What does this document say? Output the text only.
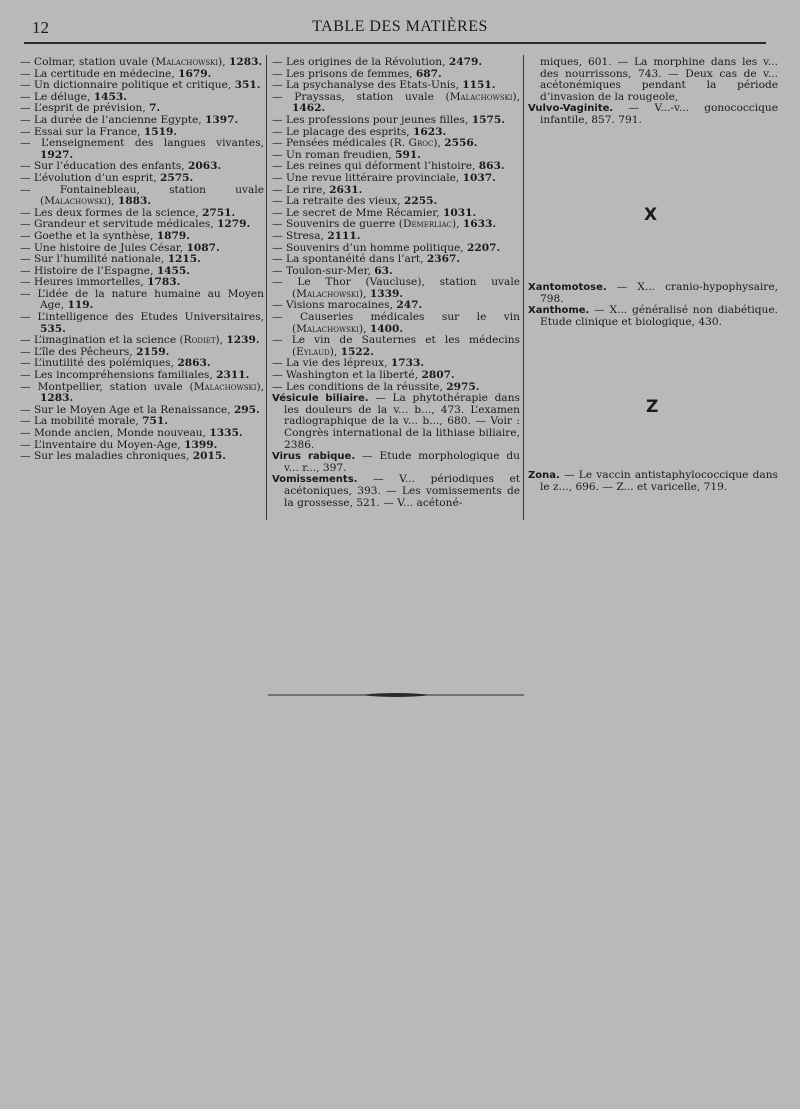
12	TABLE DES MATIÈRES

— Colmar, station uvale (Malachowski), 1283.

— La certitude en médecine, 1679.

— Un dictionnaire politique et critique, 351.

— Le déluge, 1453.

— L’esprit de prévision, 7.

— La durée de l’ancienne Egypte, 1397.

— Essai sur la France, 1519.

— L’enseignement des langues vivantes, 1927.

— Sur l’éducation des enfants, 2063.

— L’évolution d’un esprit, 2575.

— Fontainebleau, station uvale (Malachowski), 1883.

— Les deux formes de la science, 2751.

— Grandeur et servitude médicales, 1279.

— Goethe et la synthèse, 1879.

— Une histoire de Jules César, 1087.

— Sur l’humilité nationale, 1215.

— Histoire de l’Espagne, 1455.

— Heures immortelles, 1783.

— L’idée de la nature humaine au Moyen Age, 119.

— L’intelligence des Etudes Universitaires, 535.

— L’imagination et la science (Rodiet), 1239.

— L’île des Pêcheurs, 2159.

— L’inutilité des polémiques, 2863.

— Les incompréhensions familiales, 2311.

— Montpellier, station uvale (Malachowski), 1283.

— Sur le Moyen Age et la Renaissance, 295.

— La mobilité morale, 751.

— Monde ancien, Monde nouveau, 1335.

— L’inventaire du Moyen-Age, 1399.

— Sur les maladies chroniques, 2015.

— Les origines de la Révolution, 2479.

— Les prisons de femmes, 687.

— La psychanalyse des Etats-Unis, 1151.

— Prayssas, station uvale (Malachowski), 1462.

— Les professions pour jeunes filles, 1575.

— Le placage des esprits, 1623.

— Pensées médicales (R. Groc), 2556.

— Un roman freudien, 591.

— Les reines qui déforment l’histoire, 863.

— Une revue littéraire provinciale, 1037.

— Le rire, 2631.

— La retraite des vieux, 2255.

— Le secret de Mme Récamier, 1031.

— Souvenirs de guerre (Demerliac), 1633.

— Stresa, 2111.

— Souvenirs d’un homme politique, 2207.

— La spontanéité dans l’art, 2367.

— Toulon-sur-Mer, 63.

— Le Thor (Vaucluse), station uvale (Malachowski), 1339.

— Visions marocaines, 247.

— Causeries médicales sur le vin (Malachowski), 1400.

— Le vin de Sauternes et les médecins (Eylaud), 1522.

— La vie des lépreux, 1733.

— Washington et la liberté, 2807.

— Les conditions de la réussite, 2975.

Vésicule biliaire. — La phytothérapie dans les douleurs de la v... b..., 473. L’examen radiographique de la v... b..., 680. — Voir : Congrès international de la lithiase biliaire, 2386.

Virus rabique. — Etude morphologique du v... r..., 397.

Vomissements. — V... périodiques et acétoniques, 393. — Les vomissements de la grossesse, 521. — V... acétoné-

miques, 601. — La morphine dans les v... des nourrissons, 743. — Deux cas de v... acétonémiques pendant la période d’invasion de la rougeole,

Vulvo-Vaginite. — V...-v... gonococcique infantile, 857. 791.

X

Xantomotose. — X... cranio-hypophysaire, 798.

Xanthome. — X... généralisé non diabétique. Etude clinique et biologique, 430.

Z

Zona. — Le vaccin antistaphylococcique dans le z..., 696. — Z... et varicelle, 719.
